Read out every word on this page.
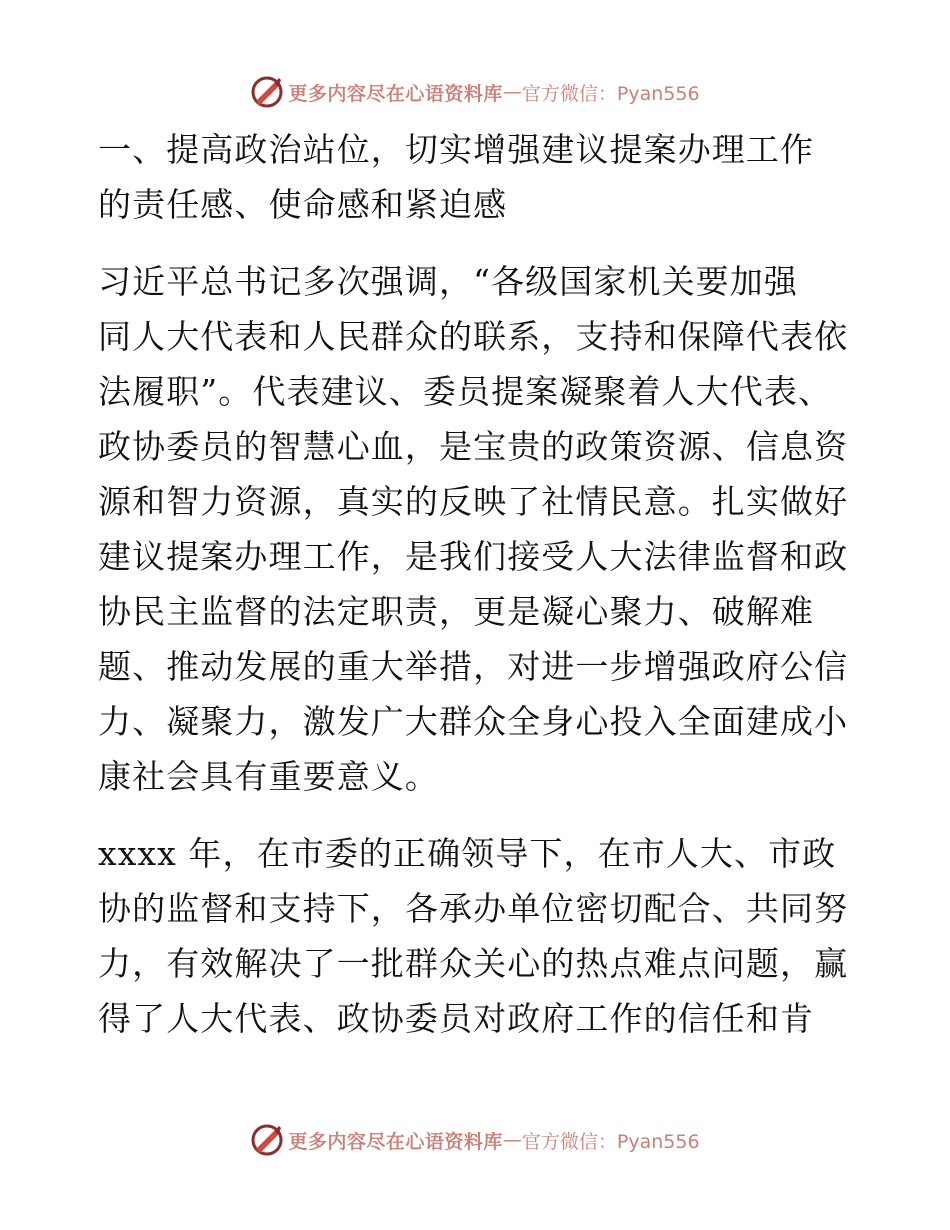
更多内容尽在心语资料库 — 官方微信：Pyan556
一、提高政治站位，切实增强建议提案办理工作
的责任感、使命感和紧迫感
习近平总书记多次强调，“各级国家机关要加强
同人大代表和人民群众的联系，支持和保障代表依
法履职”。代表建议、委员提案凝聚着人大代表、
政协委员的智慧心血，是宝贵的政策资源、信息资
源和智力资源，真实的反映了社情民意。扎实做好
建议提案办理工作，是我们接受人大法律监督和政
协民主监督的法定职责，更是凝心聚力、破解难
题、推动发展的重大举措，对进一步增强政府公信
力、凝聚力，激发广大群众全身心投入全面建成小
康社会具有重要意义。
xxxx 年，在市委的正确领导下，在市人大、市政
协的监督和支持下，各承办单位密切配合、共同努
力，有效解决了一批群众关心的热点难点问题，赢
得了人大代表、政协委员对政府工作的信任和肯
更多内容尽在心语资料库 — 官方微信：Pyan556
